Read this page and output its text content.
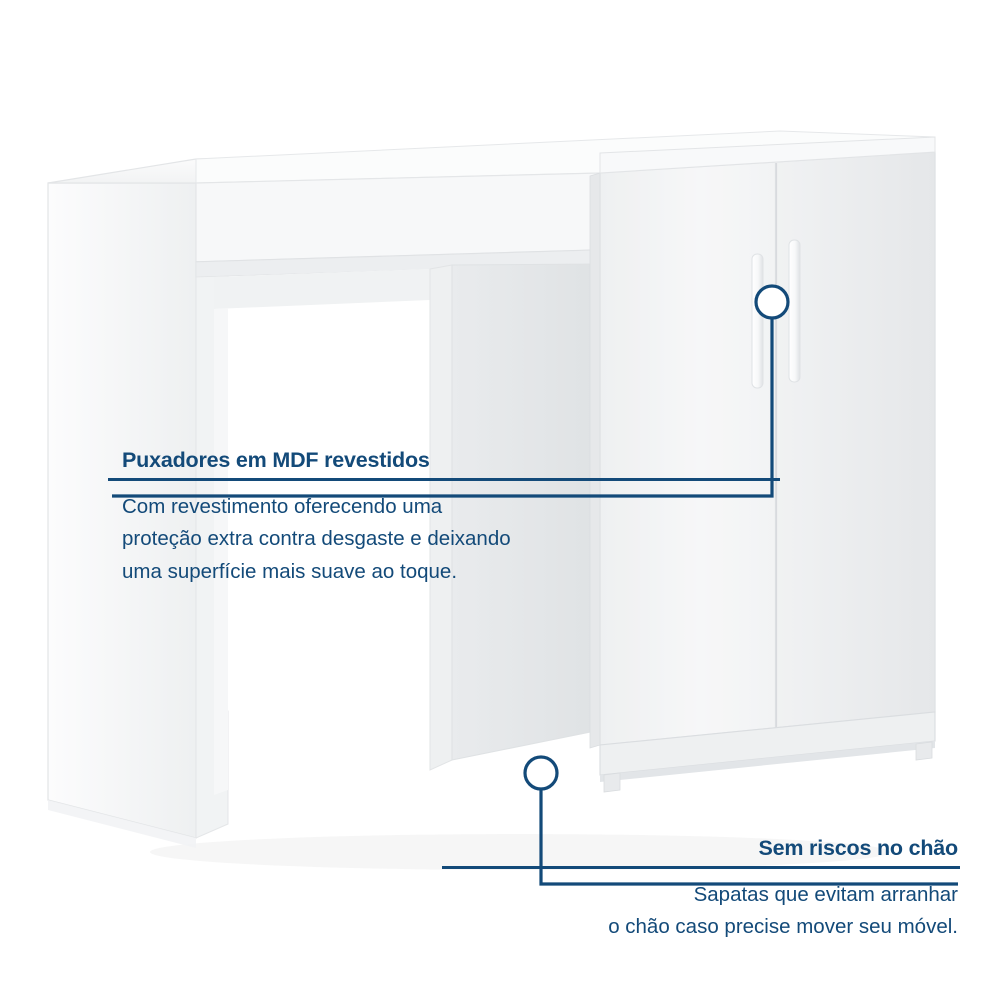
Puxadores em MDF revestidos
Com revestimento oferecendo uma
proteção extra contra desgaste e deixando
uma superfície mais suave ao toque.
Sem riscos no chão
Sapatas que evitam arranhar
o chão caso precise mover seu móvel.
